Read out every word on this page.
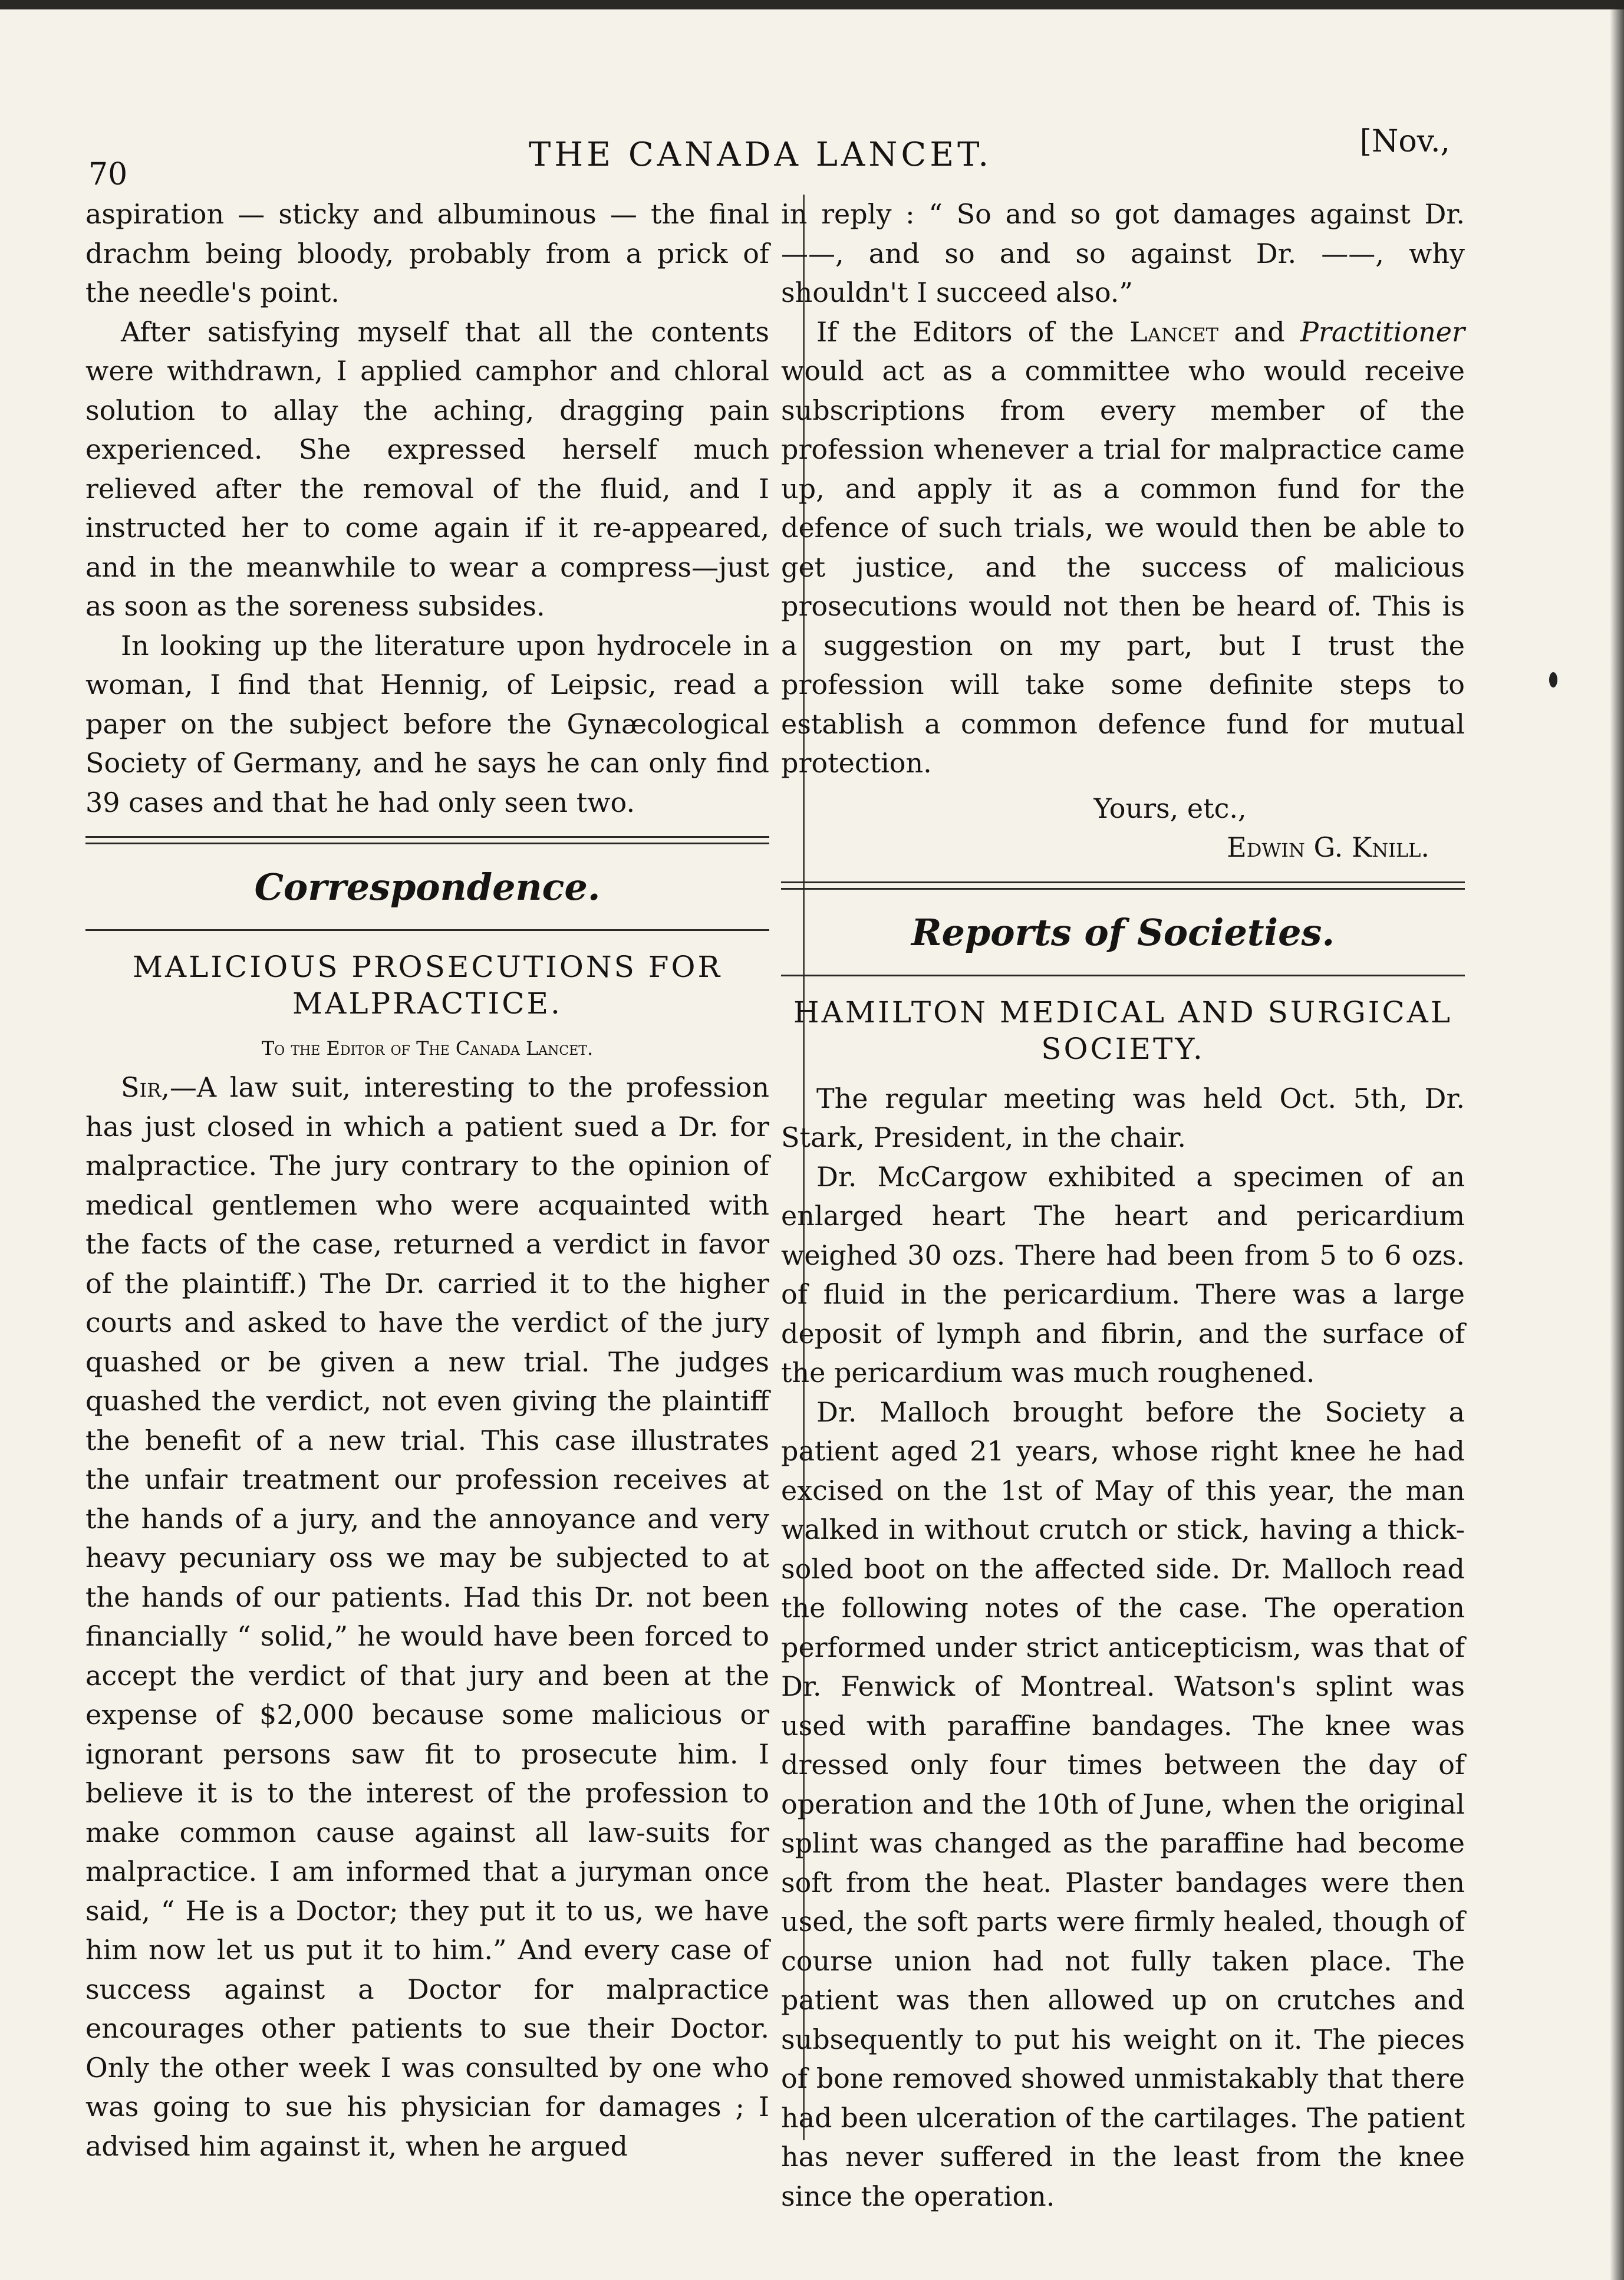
70
THE CANADA LANCET.	[Nov.,

aspiration — sticky and albuminous — the final drachm being bloody, probably from a prick of the needle's point.

After satisfying myself that all the contents were withdrawn, I applied camphor and chloral solution to allay the aching, dragging pain experienced. She expressed herself much relieved after the removal of the fluid, and I instructed her to come again if it re-appeared, and in the meanwhile to wear a compress—just as soon as the soreness subsides.

In looking up the literature upon hydrocele in woman, I find that Hennig, of Leipsic, read a paper on the subject before the Gynæcological Society of Germany, and he says he can only find 39 cases and that he had only seen two.

Correspondence.
MALICIOUS PROSECUTIONS FOR MALPRACTICE.
To the Editor of The Canada Lancet.

Sir,—A law suit, interesting to the profession has just closed in which a patient sued a Dr. for malpractice. The jury contrary to the opinion of medical gentlemen who were acquainted with the facts of the case, returned a verdict in favor of the plaintiff.) The Dr. carried it to the higher courts and asked to have the verdict of the jury quashed or be given a new trial. The judges quashed the verdict, not even giving the plaintiff the benefit of a new trial. This case illustrates the unfair treatment our profession receives at the hands of a jury, and the annoyance and very heavy pecuniary oss we may be subjected to at the hands of our patients. Had this Dr. not been financially “ solid,” he would have been forced to accept the verdict of that jury and been at the expense of $2,000 because some malicious or ignorant persons saw fit to prosecute him. I believe it is to the interest of the profession to make common cause against all law-suits for malpractice. I am informed that a juryman once said, “ He is a Doctor; they put it to us, we have him now let us put it to him.” And every case of success against a Doctor for malpractice encourages other patients to sue their Doctor. Only the other week I was consulted by one who was going to sue his physician for damages ; I advised him against it, when he argued

in reply : “ So and so got damages against Dr.——, and so and so against Dr. ——, why shouldn't I succeed also.”

If the Editors of the Lancet and Practitioner would act as a committee who would receive subscriptions from every member of the profession whenever a trial for malpractice came up, and apply it as a common fund for the defence of such trials, we would then be able to get justice, and the success of malicious prosecutions would not then be heard of. This is a suggestion on my part, but I trust the profession will take some definite steps to establish a common defence fund for mutual protection.

Yours, etc.,

Edwin G. Knill.

Reports of Societies.
HAMILTON MEDICAL AND SURGICAL SOCIETY.

The regular meeting was held Oct. 5th, Dr. Stark, President, in the chair.

Dr. McCargow exhibited a specimen of an enlarged heart The heart and pericardium weighed 30 ozs. There had been from 5 to 6 ozs. of fluid in the pericardium. There was a large deposit of lymph and fibrin, and the surface of the pericardium was much roughened.

Dr. Malloch brought before the Society a patient aged 21 years, whose right knee he had excised on the 1st of May of this year, the man walked in without crutch or stick, having a thick-soled boot on the affected side. Dr. Malloch read the following notes of the case. The operation performed under strict anticepticism, was that of Dr. Fenwick of Montreal. Watson's splint was used with paraffine bandages. The knee was dressed only four times between the day of operation and the 10th of June, when the original splint was changed as the paraffine had become soft from the heat. Plaster bandages were then used, the soft parts were firmly healed, though of course union had not fully taken place. The patient was then allowed up on crutches and subsequently to put his weight on it. The pieces of bone removed showed unmistakably that there had been ulceration of the cartilages. The patient has never suffered in the least from the knee since the operation.
